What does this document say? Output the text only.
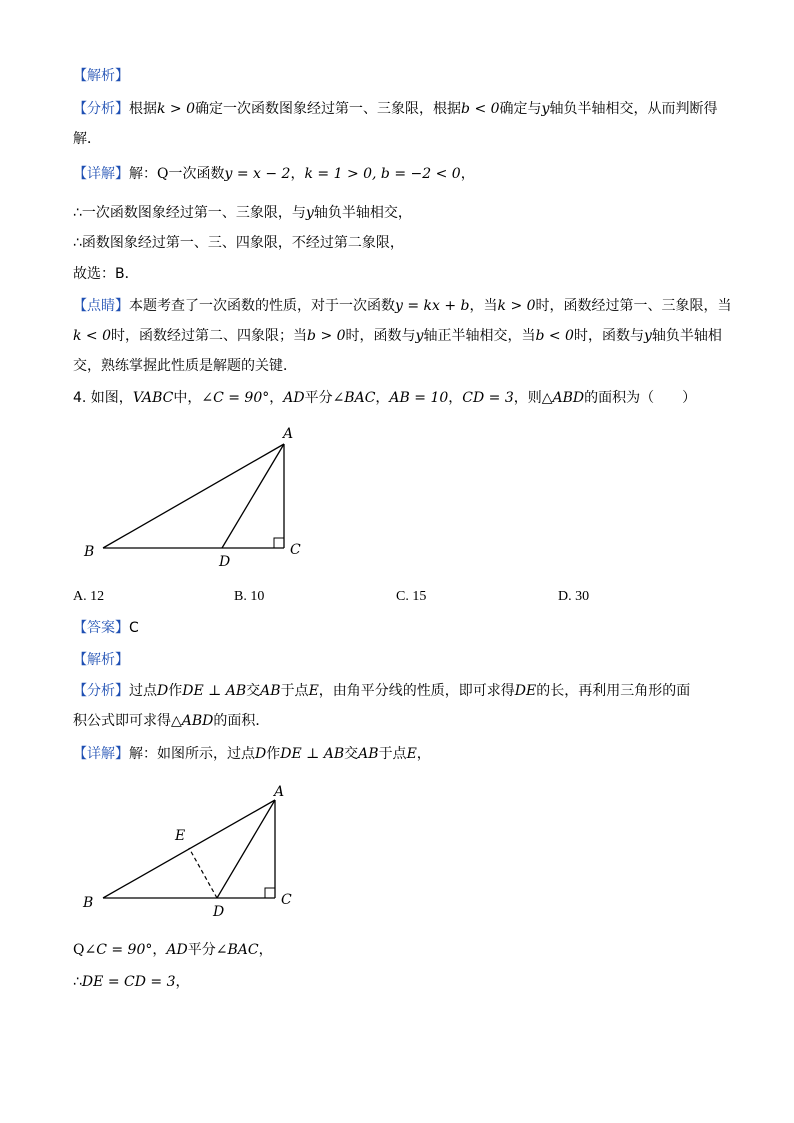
【解析】
【分析】根据k > 0确定一次函数图象经过第一、三象限，根据b < 0确定与y轴负半轴相交，从而判断得
解．
【详解】解：Q一次函数y = x − 2，k = 1 > 0, b = −2 < 0，
∴一次函数图象经过第一、三象限，与y轴负半轴相交，
∴函数图象经过第一、三、四象限，不经过第二象限，
故选：B．
【点睛】本题考查了一次函数的性质，对于一次函数y = kx + b，当k > 0时，函数经过第一、三象限，当
k < 0时，函数经过第二、四象限；当b > 0时，函数与y轴正半轴相交，当b < 0时，函数与y轴负半轴相
交，熟练掌握此性质是解题的关键．
4. 如图，VABC中，∠C = 90°，AD平分∠BAC，AB = 10，CD = 3，则△ABD的面积为（　　）
A
B	C
D
A. 12	B. 10	C. 15	D. 30
【答案】C
【解析】
【分析】过点D作DE ⊥ AB交AB于点E，由角平分线的性质，即可求得DE的长，再利用三角形的面
积公式即可求得△ABD的面积．
【详解】解：如图所示，过点D作DE ⊥ AB交AB于点E，
A
B	C
D
E
Q∠C = 90°，AD平分∠BAC，
∴DE = CD = 3，
